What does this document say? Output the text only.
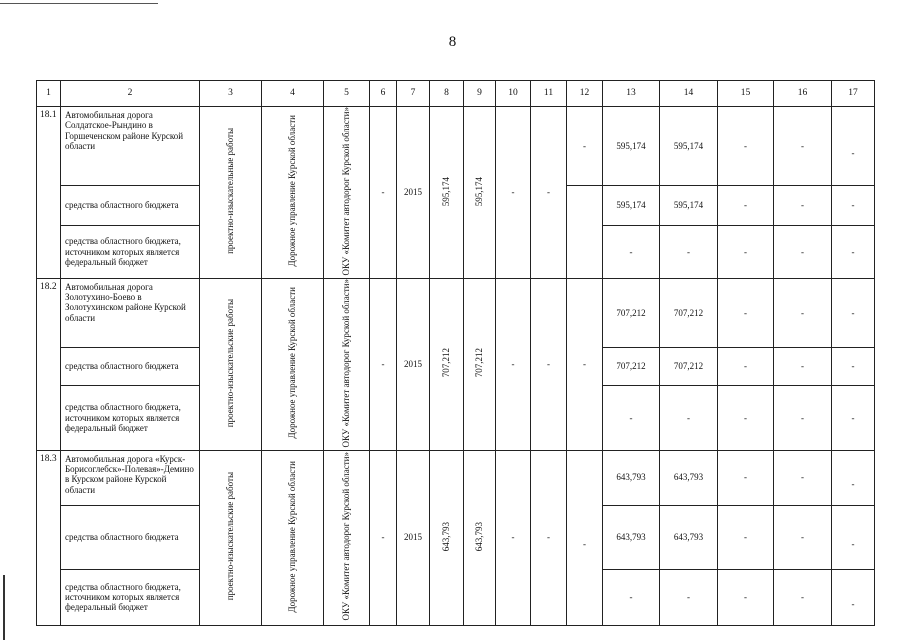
8
1	2	3	4	5	6	7	8	9	10	11	12	13	14	15	16	17
18.1	Автомобильная дорога Солдатское-Рындино в Горшеченском районе Курской области	проектно-изыскательные работы	Дорожное управление Курской области	ОКУ «Комитет автодорог Курской области»	-	2015	595,174	595,174	-	-	-	595,174	595,174	-	-	-
	средства областного бюджета											595,174	595,174	-	-	-
	средства областного бюджета, источником которых является федеральный бюджет											-	-	-	-	-
18.2	Автомобильная дорога Золотухино-Боево в Золотухинском районе Курской области	проектно-изыскательские работы	Дорожное управление Курской области	ОКУ «Комитет автодорог Курской области»	-	2015	707,212	707,212	-	-	-	707,212	707,212	-	-	-
	средства областного бюджета											707,212	707,212	-	-	-
	средства областного бюджета, источником которых является федеральный бюджет											-	-	-	-	-
18.3	Автомобильная дорога «Курск-Борисоглебск»-Полевая»-Демино в Курском районе Курской области	проектно-изыскательские работы	Дорожное управление Курской области	ОКУ «Комитет автодорог Курской области»	-	2015	643,793	643,793	-	-	-	643,793	643,793	-	-	-
	средства областного бюджета											643,793	643,793	-	-	-
	средства областного бюджета, источником которых является федеральный бюджет											-	-	-	-	-
